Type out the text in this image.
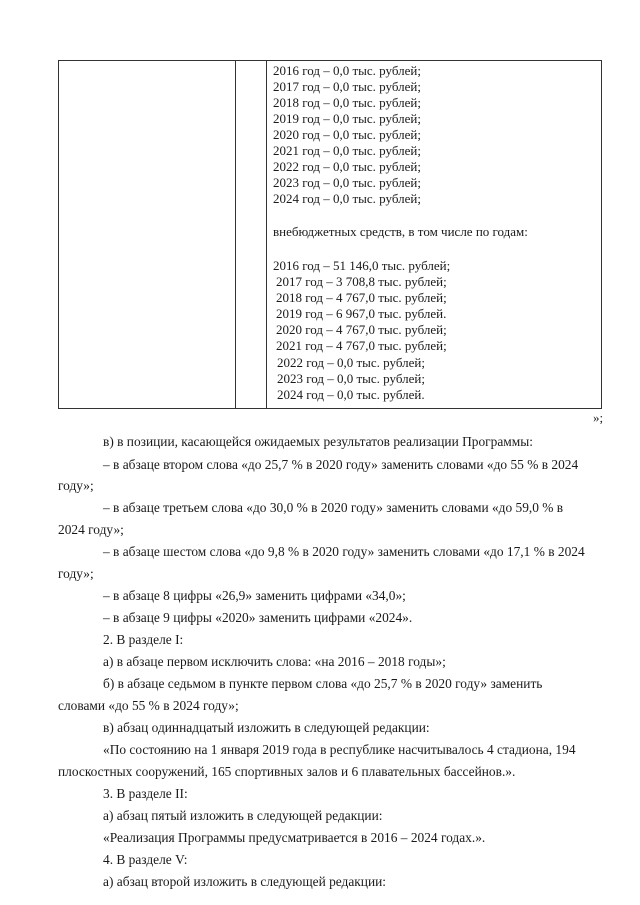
2016 год – 0,0 тыс. рублей;
2017 год – 0,0 тыс. рублей;
2018 год – 0,0 тыс. рублей;
2019 год – 0,0 тыс. рублей;
2020 год – 0,0 тыс. рублей;
2021 год – 0,0 тыс. рублей;
2022 год – 0,0 тыс. рублей;
2023 год – 0,0 тыс. рублей;
2024 год – 0,0 тыс. рублей;
внебюджетных средств, в том числе по годам:
2016 год – 51 146,0 тыс. рублей;
2017 год – 3 708,8 тыс. рублей;
2018 год – 4 767,0 тыс. рублей;
2019 год – 6 967,0 тыс. рублей.
2020 год – 4 767,0 тыс. рублей;
2021 год – 4 767,0 тыс. рублей;
2022 год – 0,0 тыс. рублей;
2023 год – 0,0 тыс. рублей;
2024 год – 0,0 тыс. рублей.
»;
в) в позиции, касающейся ожидаемых результатов реализации Программы:
– в абзаце втором слова «до 25,7 % в 2020 году» заменить словами «до 55 % в 2024
году»;
– в абзаце третьем слова «до 30,0 % в 2020 году» заменить словами «до 59,0 % в
2024 году»;
– в абзаце шестом слова «до 9,8 % в 2020 году» заменить словами «до 17,1 % в 2024
году»;
– в абзаце 8 цифры «26,9» заменить цифрами «34,0»;
– в абзаце 9 цифры «2020» заменить цифрами «2024».
2. В разделе I:
а) в абзаце первом исключить слова: «на 2016 – 2018 годы»;
б) в абзаце седьмом в пункте первом слова «до 25,7 % в 2020 году» заменить
словами «до 55 % в 2024 году»;
в) абзац одиннадцатый изложить в следующей редакции:
«По состоянию на 1 января 2019 года в республике насчитывалось 4 стадиона, 194
плоскостных сооружений, 165 спортивных залов и 6 плавательных бассейнов.».
3. В разделе II:
а) абзац пятый изложить в следующей редакции:
«Реализация Программы предусматривается в 2016 – 2024 годах.».
4. В разделе V:
а) абзац второй изложить в следующей редакции:
